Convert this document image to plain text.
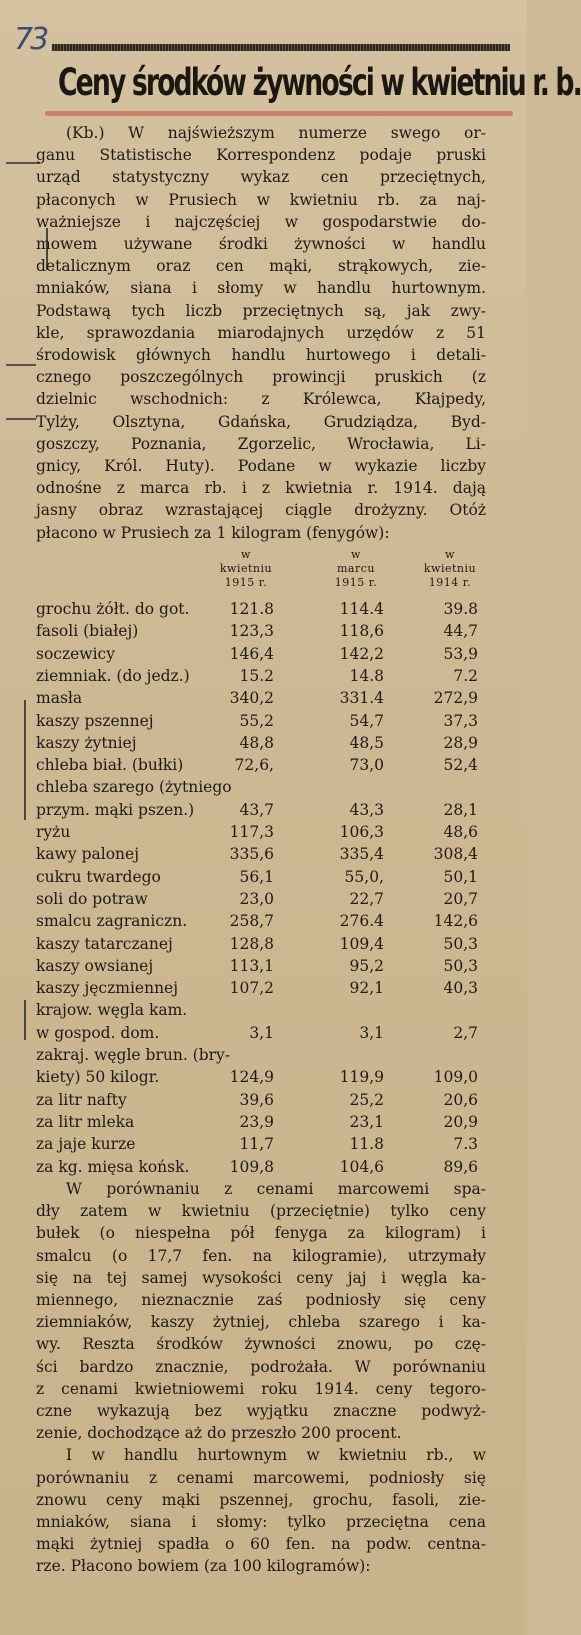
73
Ceny środków żywności w kwietniu r. b.
(Kb.) W najświeższym numerze swego or-
ganu Statistische Korrespondenz podaje pruski
urząd statystyczny wykaz cen przeciętnych,
płaconych w Prusiech w kwietniu rb. za naj-
ważniejsze i najczęściej w gospodarstwie do-
mowem używane środki żywności w handlu
detalicznym oraz cen mąki, strąkowych, zie-
mniaków, siana i słomy w handlu hurtownym.
Podstawą tych liczb przeciętnych są, jak zwy-
kle, sprawozdania miarodajnych urzędów z 51
środowisk głównych handlu hurtowego i detali-
cznego poszczególnych prowincji pruskich (z
dzielnic wschodnich: z Królewca, Kłajpedy,
Tylży, Olsztyna, Gdańska, Grudziądza, Byd-
goszczy, Poznania, Zgorzelic, Wrocławia, Li-
gnicy, Król. Huty). Podane w wykazie liczby
odnośne z marca rb. i z kwietnia r. 1914. dają
jasny obraz wzrastającej ciągle drożyzny. Otóż
płacono w Prusiech za 1 kilogram (fenygów):
w
kwietniu
1915 r.
w
marcu
1915 r.
w
kwietniu
1914 r.
grochu żółt. do got.	121.8	114.4	39.8
fasoli (białej)	123,3	118,6	44,7
soczewicy	146,4	142,2	53,9
ziemniak. (do jedz.)	15.2	14.8	7.2
masła	340,2	331.4	272,9
kaszy pszennej	55,2	54,7	37,3
kaszy żytniej	48,8	48,5	28,9
chleba biał. (bułki)	72,6,	73,0	52,4
chleba szarego (żytniego
przym. mąki pszen.)	43,7	43,3	28,1
ryżu	117,3	106,3	48,6
kawy palonej	335,6	335,4	308,4
cukru twardego	56,1	55,0,	50,1
soli do potraw	23,0	22,7	20,7
smalcu zagraniczn.	258,7	276.4	142,6
kaszy tatarczanej	128,8	109,4	50,3
kaszy owsianej	113,1	95,2	50,3
kaszy jęczmiennej	107,2	92,1	40,3
krajow. węgla kam.
w gospod. dom.	3,1	3,1	2,7
zakraj. węgle brun. (bry-
kiety) 50 kilogr.	124,9	119,9	109,0
za litr nafty	39,6	25,2	20,6
za litr mleka	23,9	23,1	20,9
za jaje kurze	11,7	11.8	7.3
za kg. mięsa końsk.	109,8	104,6	89,6
W porównaniu z cenami marcowemi spa-
dły zatem w kwietniu (przeciętnie) tylko ceny
bułek (o niespełna pół fenyga za kilogram) i
smalcu (o 17,7 fen. na kilogramie), utrzymały
się na tej samej wysokości ceny jaj i węgla ka-
miennego, nieznacznie zaś podniosły się ceny
ziemniaków, kaszy żytniej, chleba szarego i ka-
wy. Reszta środków żywności znowu, po czę-
ści bardzo znacznie, podrożała. W porównaniu
z cenami kwietniowemi roku 1914. ceny tegoro-
czne wykazują bez wyjątku znaczne podwyż-
zenie, dochodzące aż do przeszło 200 procent.
I w handlu hurtownym w kwietniu rb., w
porównaniu z cenami marcowemi, podniosły się
znowu ceny mąki pszennej, grochu, fasoli, zie-
mniaków, siana i słomy: tylko przeciętna cena
mąki żytniej spadła o 60 fen. na podw. centna-
rze. Płacono bowiem (za 100 kilogramów):
